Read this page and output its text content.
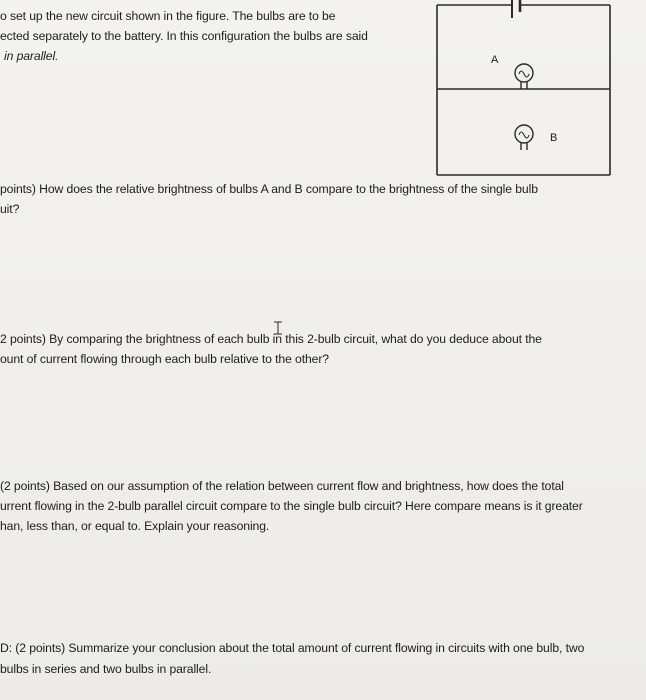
o set up the new circuit shown in the figure. The bulbs are to be
ected separately to the battery. In this configuration the bulbs are said
in parallel.	A
B
points) How does the relative brightness of bulbs A and B compare to the brightness of the single bulb
uit?
2 points) By comparing the brightness of each bulb in this 2-bulb circuit, what do you deduce about the
ount of current flowing through each bulb relative to the other?
(2 points) Based on our assumption of the relation between current flow and brightness, how does the total
urrent flowing in the 2-bulb parallel circuit compare to the single bulb circuit? Here compare means is it greater
han, less than, or equal to. Explain your reasoning.
D: (2 points) Summarize your conclusion about the total amount of current flowing in circuits with one bulb, two
bulbs in series and two bulbs in parallel.
